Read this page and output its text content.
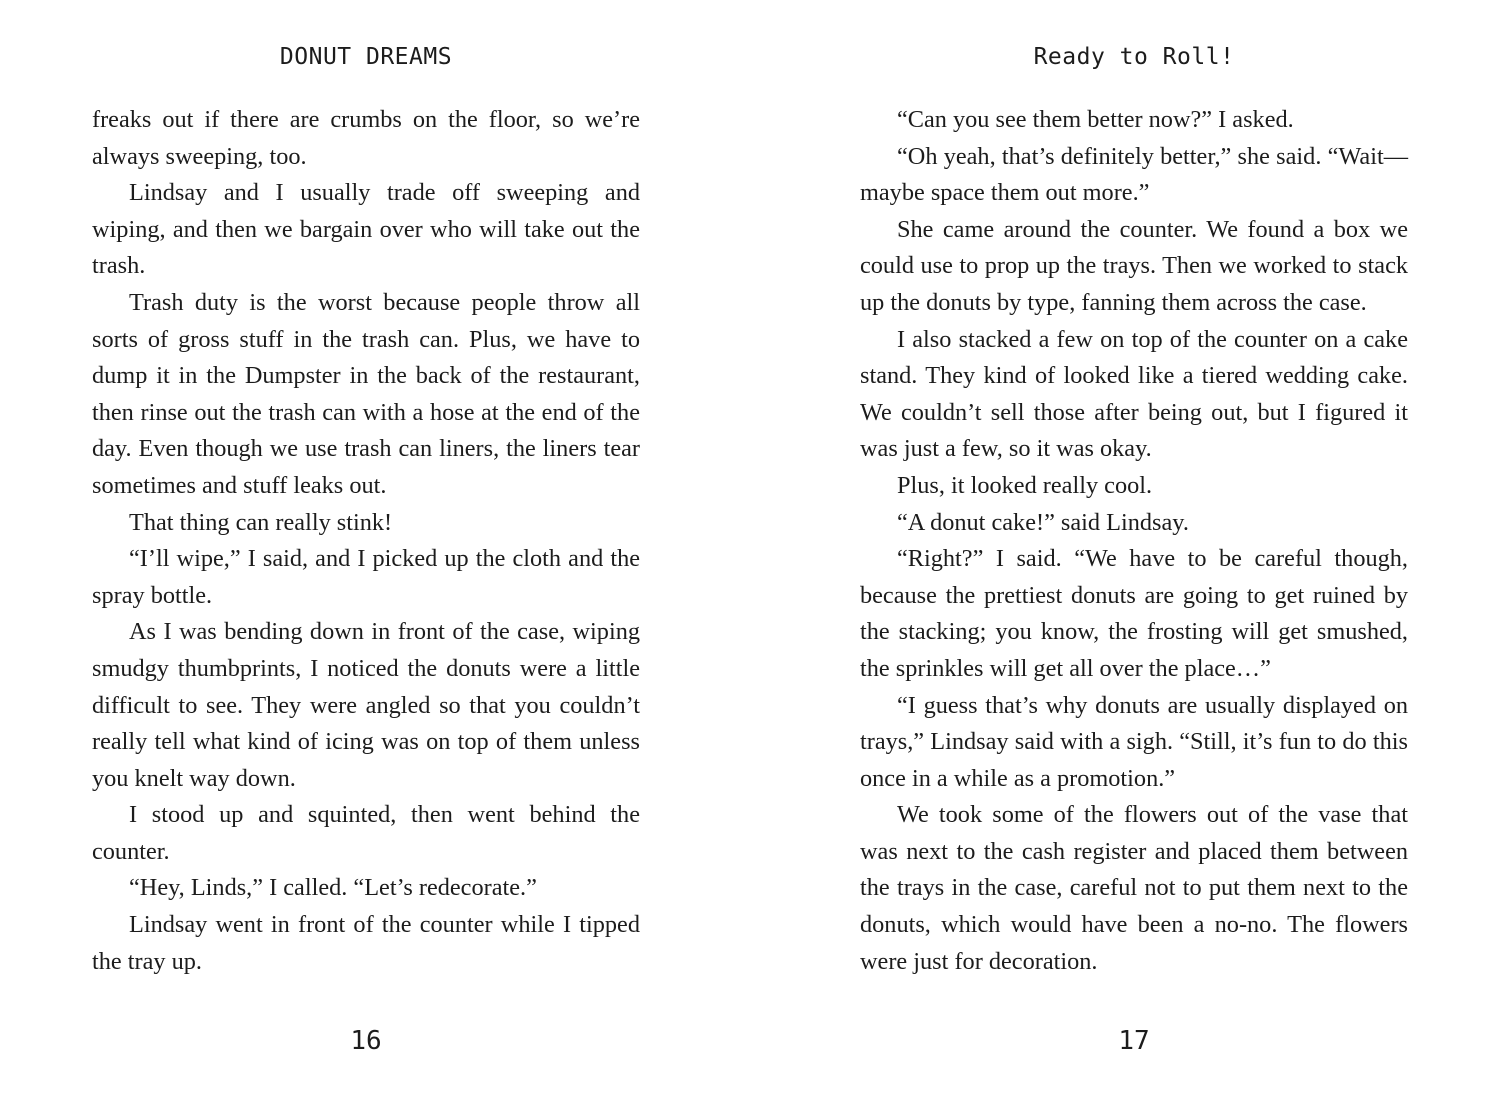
DONUT DREAMS

freaks out if there are crumbs on the floor, so we’re always sweeping, too.

Lindsay and I usually trade off sweeping and wiping, and then we bargain over who will take out the trash.

Trash duty is the worst because people throw all sorts of gross stuff in the trash can. Plus, we have to dump it in the Dumpster in the back of the restaurant, then rinse out the trash can with a hose at the end of the day. Even though we use trash can liners, the liners tear sometimes and stuff leaks out.

That thing can really stink!

“I’ll wipe,” I said, and I picked up the cloth and the spray bottle.

As I was bending down in front of the case, wiping smudgy thumbprints, I noticed the donuts were a little difficult to see. They were angled so that you couldn’t really tell what kind of icing was on top of them unless you knelt way down.

I stood up and squinted, then went behind the counter.

“Hey, Linds,” I called. “Let’s redecorate.”

Lindsay went in front of the counter while I tipped the tray up.

16
Ready to Roll!

“Can you see them better now?” I asked.

“Oh yeah, that’s definitely better,” she said. “Wait—maybe space them out more.”

She came around the counter. We found a box we could use to prop up the trays. Then we worked to stack up the donuts by type, fanning them across the case.

I also stacked a few on top of the counter on a cake stand. They kind of looked like a tiered wedding cake. We couldn’t sell those after being out, but I figured it was just a few, so it was okay.

Plus, it looked really cool.

“A donut cake!” said Lindsay.

“Right?” I said. “We have to be careful though, because the prettiest donuts are going to get ruined by the stacking; you know, the frosting will get smushed, the sprinkles will get all over the place…”

“I guess that’s why donuts are usually displayed on trays,” Lindsay said with a sigh. “Still, it’s fun to do this once in a while as a promotion.”

We took some of the flowers out of the vase that was next to the cash register and placed them between the trays in the case, careful not to put them next to the donuts, which would have been a no-no. The flowers were just for decoration.

17
